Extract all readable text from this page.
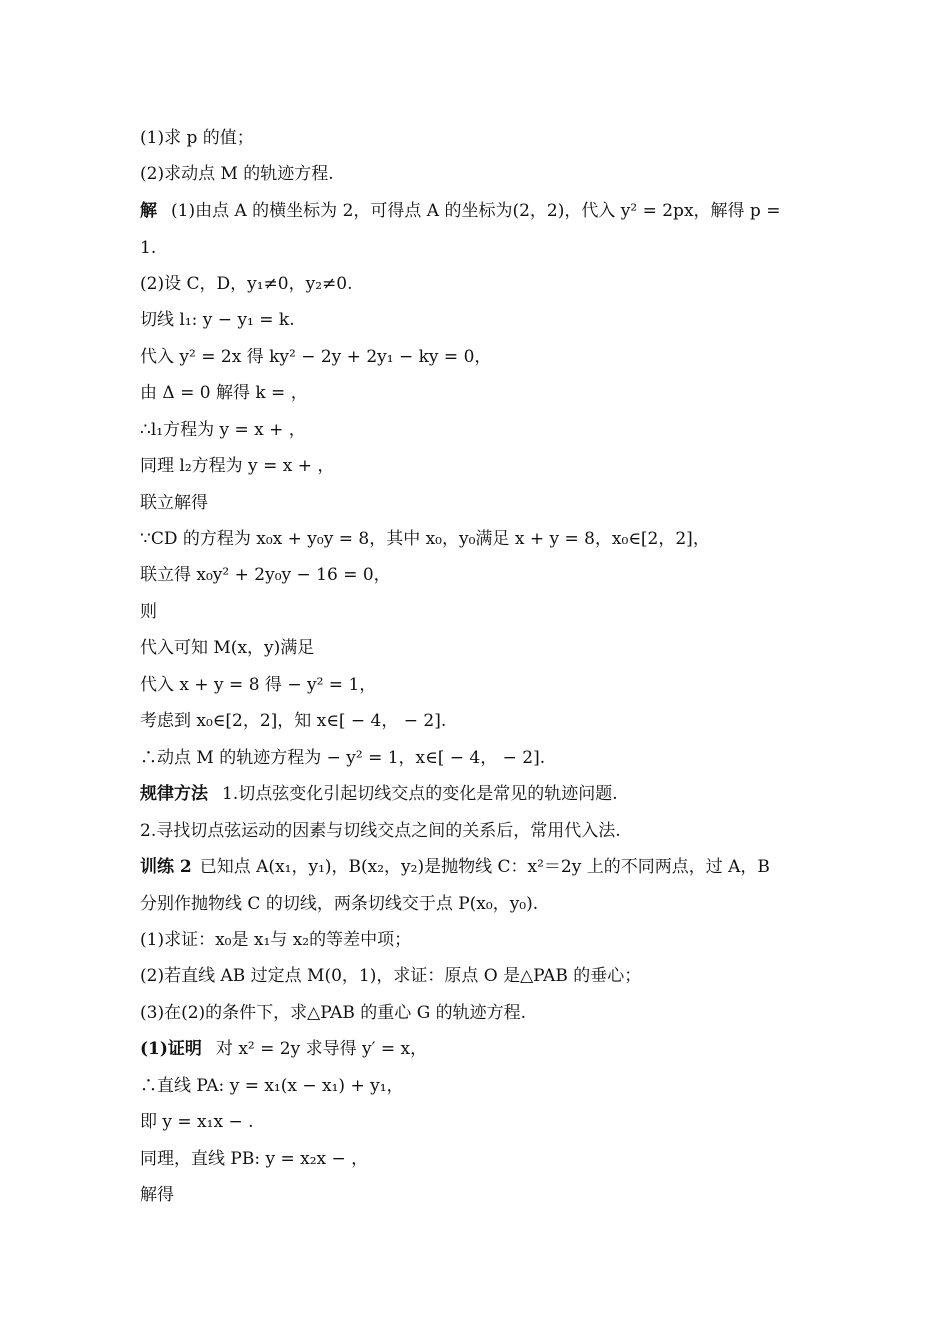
(1)求 p 的值；
(2)求动点 M 的轨迹方程.
解 (1)由点 A 的横坐标为 2，可得点 A 的坐标为(2，2)，代入 y² = 2px，解得 p =
1.
(2)设 C，D，y₁≠0，y₂≠0.
切线 l₁: y − y₁ = k.
代入 y² = 2x 得 ky² − 2y + 2y₁ − ky = 0，
由 Δ = 0 解得 k = ，
∴l₁方程为 y = x + ，
同理 l₂方程为 y = x + ，
联立解得
∵CD 的方程为 x₀x + y₀y = 8，其中 x₀，y₀满足 x + y = 8，x₀∈[2，2]，
联立得 x₀y² + 2y₀y − 16 = 0，
则
代入可知 M(x，y)满足
代入 x + y = 8 得 − y² = 1，
考虑到 x₀∈[2，2]，知 x∈[ − 4， − 2].
∴动点 M 的轨迹方程为 − y² = 1，x∈[ − 4， − 2].
规律方法 1.切点弦变化引起切线交点的变化是常见的轨迹问题.
2.寻找切点弦运动的因素与切线交点之间的关系后，常用代入法.
训练 2 已知点 A(x₁，y₁)，B(x₂，y₂)是抛物线 C：x²＝2y 上的不同两点，过 A，B
分别作抛物线 C 的切线，两条切线交于点 P(x₀，y₀).
(1)求证：x₀是 x₁与 x₂的等差中项；
(2)若直线 AB 过定点 M(0，1)，求证：原点 O 是△PAB 的垂心；
(3)在(2)的条件下，求△PAB 的重心 G 的轨迹方程.
(1)证明 对 x² = 2y 求导得 y′ = x，
∴直线 PA: y = x₁(x − x₁) + y₁，
即 y = x₁x − .
同理，直线 PB: y = x₂x − ，
解得
